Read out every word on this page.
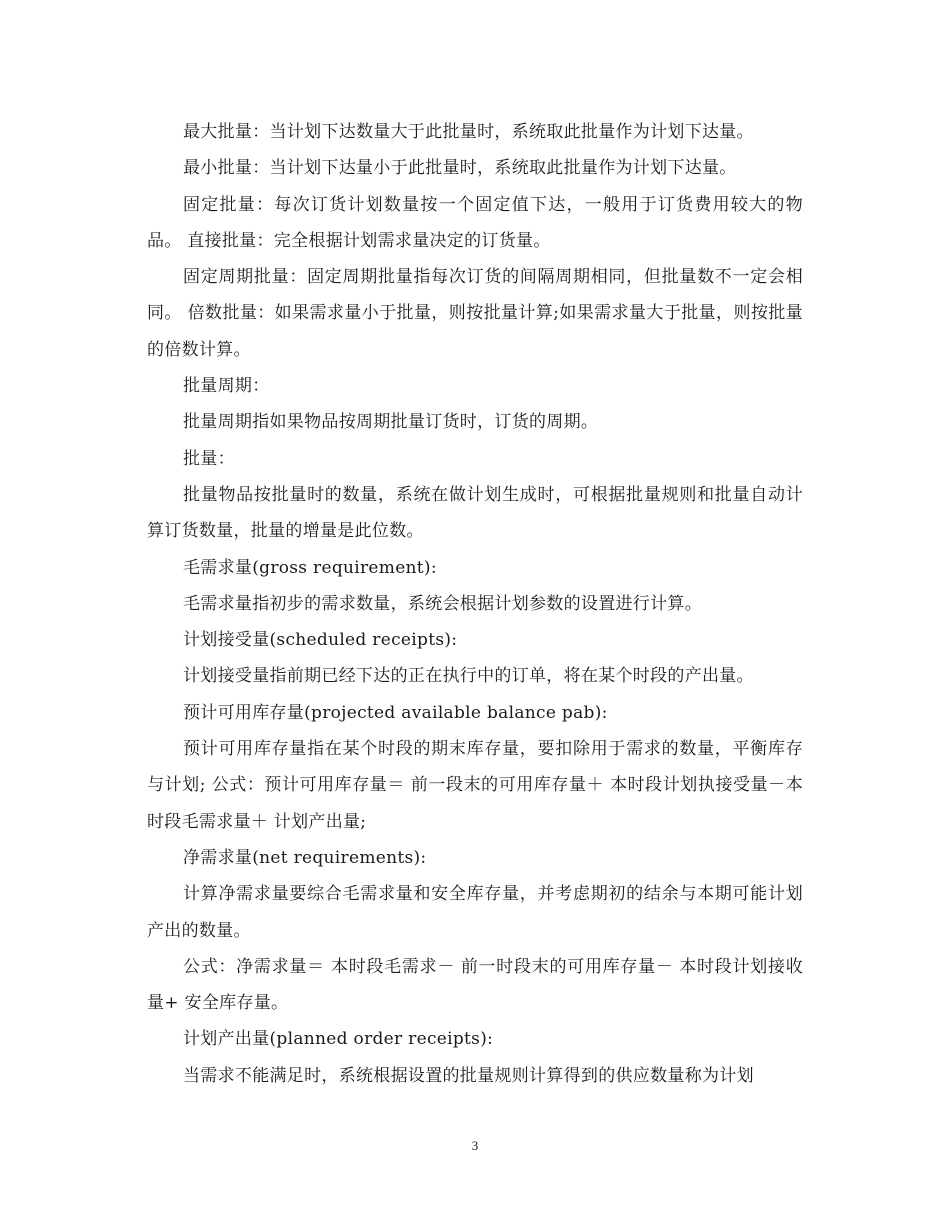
最大批量：当计划下达数量大于此批量时，系统取此批量作为计划下达量。

最小批量：当计划下达量小于此批量时，系统取此批量作为计划下达量。

固定批量：每次订货计划数量按一个固定值下达，一般用于订货费用较大的物品。 直接批量：完全根据计划需求量决定的订货量。

固定周期批量：固定周期批量指每次订货的间隔周期相同，但批量数不一定会相同。 倍数批量：如果需求量小于批量，则按批量计算;如果需求量大于批量，则按批量的倍数计算。

批量周期：

批量周期指如果物品按周期批量订货时，订货的周期。

批量：

批量物品按批量时的数量，系统在做计划生成时，可根据批量规则和批量自动计算订货数量，批量的增量是此位数。

毛需求量(gross requirement):

毛需求量指初步的需求数量，系统会根据计划参数的设置进行计算。

计划接受量(scheduled receipts):

计划接受量指前期已经下达的正在执行中的订单，将在某个时段的产出量。

预计可用库存量(projected available balance pab):

预计可用库存量指在某个时段的期末库存量，要扣除用于需求的数量，平衡库存与计划; 公式：预计可用库存量＝ 前一段末的可用库存量＋ 本时段计划执接受量－本时段毛需求量＋ 计划产出量;

净需求量(net requirements):

计算净需求量要综合毛需求量和安全库存量，并考虑期初的结余与本期可能计划产出的数量。

公式：净需求量＝ 本时段毛需求－ 前一时段末的可用库存量－ 本时段计划接收量+ 安全库存量。

计划产出量(planned order receipts):

当需求不能满足时，系统根据设置的批量规则计算得到的供应数量称为计划

3
